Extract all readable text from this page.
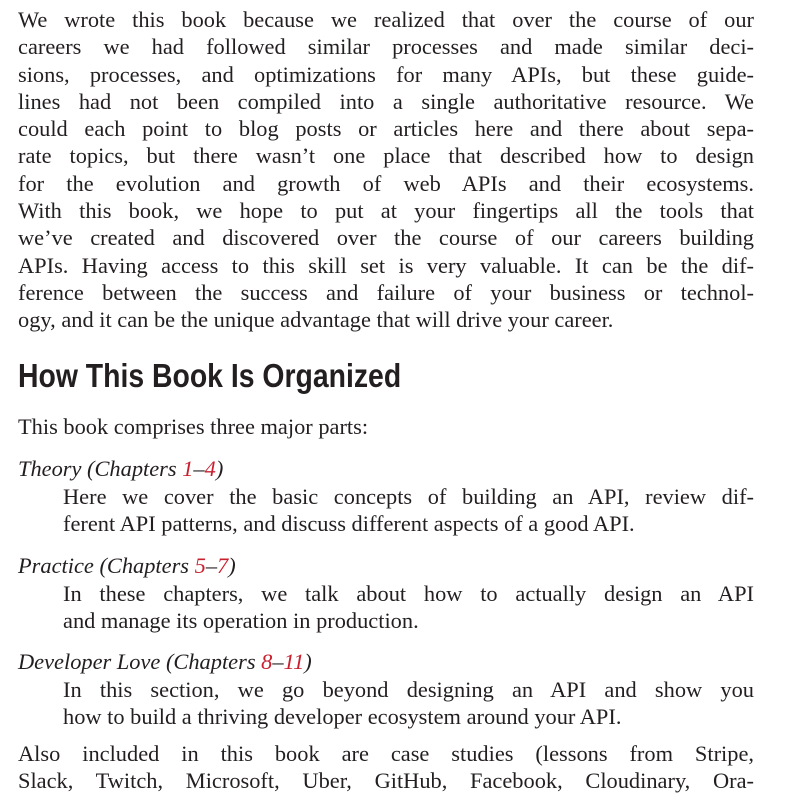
We wrote this book because we realized that over the course of our
careers we had followed similar processes and made similar deci-
sions, processes, and optimizations for many APIs, but these guide-
lines had not been compiled into a single authoritative resource. We
could each point to blog posts or articles here and there about sepa-
rate topics, but there wasn’t one place that described how to design
for the evolution and growth of web APIs and their ecosystems.
With this book, we hope to put at your fingertips all the tools that
we’ve created and discovered over the course of our careers building
APIs. Having access to this skill set is very valuable. It can be the dif-
ference between the success and failure of your business or technol-
ogy, and it can be the unique advantage that will drive your career.

How This Book Is Organized

This book comprises three major parts:

Theory (Chapters 1–4)

Here we cover the basic concepts of building an API, review dif-
ferent API patterns, and discuss different aspects of a good API.

Practice (Chapters 5–7)

In these chapters, we talk about how to actually design an API
and manage its operation in production.

Developer Love (Chapters 8–11)

In this section, we go beyond designing an API and show you
how to build a thriving developer ecosystem around your API.

Also included in this book are case studies (lessons from Stripe,
Slack, Twitch, Microsoft, Uber, GitHub, Facebook, Cloudinary, Ora-
